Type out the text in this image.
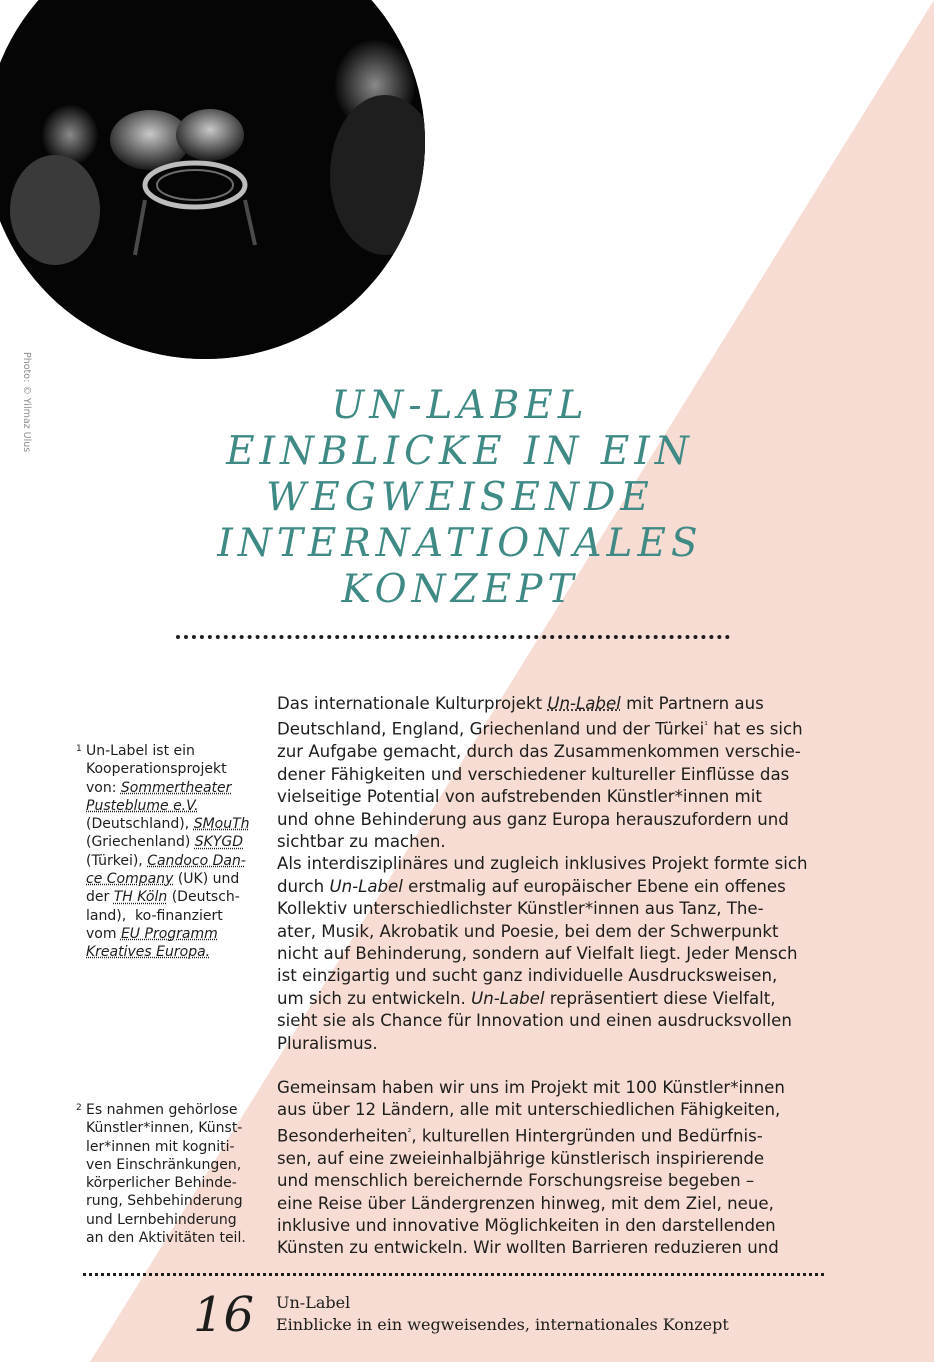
Photo: © Yilmaz Ulus	UN-LABEL
EINBLICKE IN EIN
WEGWEISENDE
INTERNATIONALES
KONZEPT
1 Un-Label ist ein
Kooperationsprojekt
von: Sommertheater
Pusteblume e.V.
(Deutschland), SMouTh
(Griechenland) SKYGD
(Türkei), Candoco Dan-
ce Company (UK) und
der TH Köln (Deutsch-
land),  ko-finanziert
vom EU Programm
Kreatives Europa.

2 Es nahmen gehörlose
Künstler*innen, Künst-
ler*innen mit kogniti-
ven Einschränkungen,
körperlicher Behinde-
rung, Sehbehinderung
und Lernbehinderung
an den Aktivitäten teil.

Das internationale Kulturprojekt Un-Label mit Partnern aus
Deutschland, England, Griechenland und der Türkei$^{^1}$ hat es sich
zur Aufgabe gemacht, durch das Zusammenkommen verschie-
dener Fähigkeiten und verschiedener kultureller Einflüsse das
vielseitige Potential von aufstrebenden Künstler*innen mit
und ohne Behinderung aus ganz Europa herauszufordern und
sichtbar zu machen.

Als interdisziplinäres und zugleich inklusives Projekt formte sich
durch Un-Label erstmalig auf europäischer Ebene ein offenes
Kollektiv unterschiedlichster Künstler*innen aus Tanz, The-
ater, Musik, Akrobatik und Poesie, bei dem der Schwerpunkt
nicht auf Behinderung, sondern auf Vielfalt liegt. Jeder Mensch
ist einzigartig und sucht ganz individuelle Ausdrucksweisen,
um sich zu entwickeln. Un-Label repräsentiert diese Vielfalt,
sieht sie als Chance für Innovation und einen ausdrucksvollen
Pluralismus.

Gemeinsam haben wir uns im Projekt mit 100 Künstler*innen
aus über 12 Ländern, alle mit unterschiedlichen Fähigkeiten,
Besonderheiten$^{^2}$, kulturellen Hintergründen und Bedürfnis-
sen, auf eine zweieinhalbjährige künstlerisch inspirierende
und menschlich bereichernde Forschungsreise begeben –
eine Reise über Ländergrenzen hinweg, mit dem Ziel, neue,
inklusive und innovative Möglichkeiten in den darstellenden
Künsten zu entwickeln. Wir wollten Barrieren reduzieren und

16 Un-Label
Einblicke in ein wegweisendes, internationales Konzept
